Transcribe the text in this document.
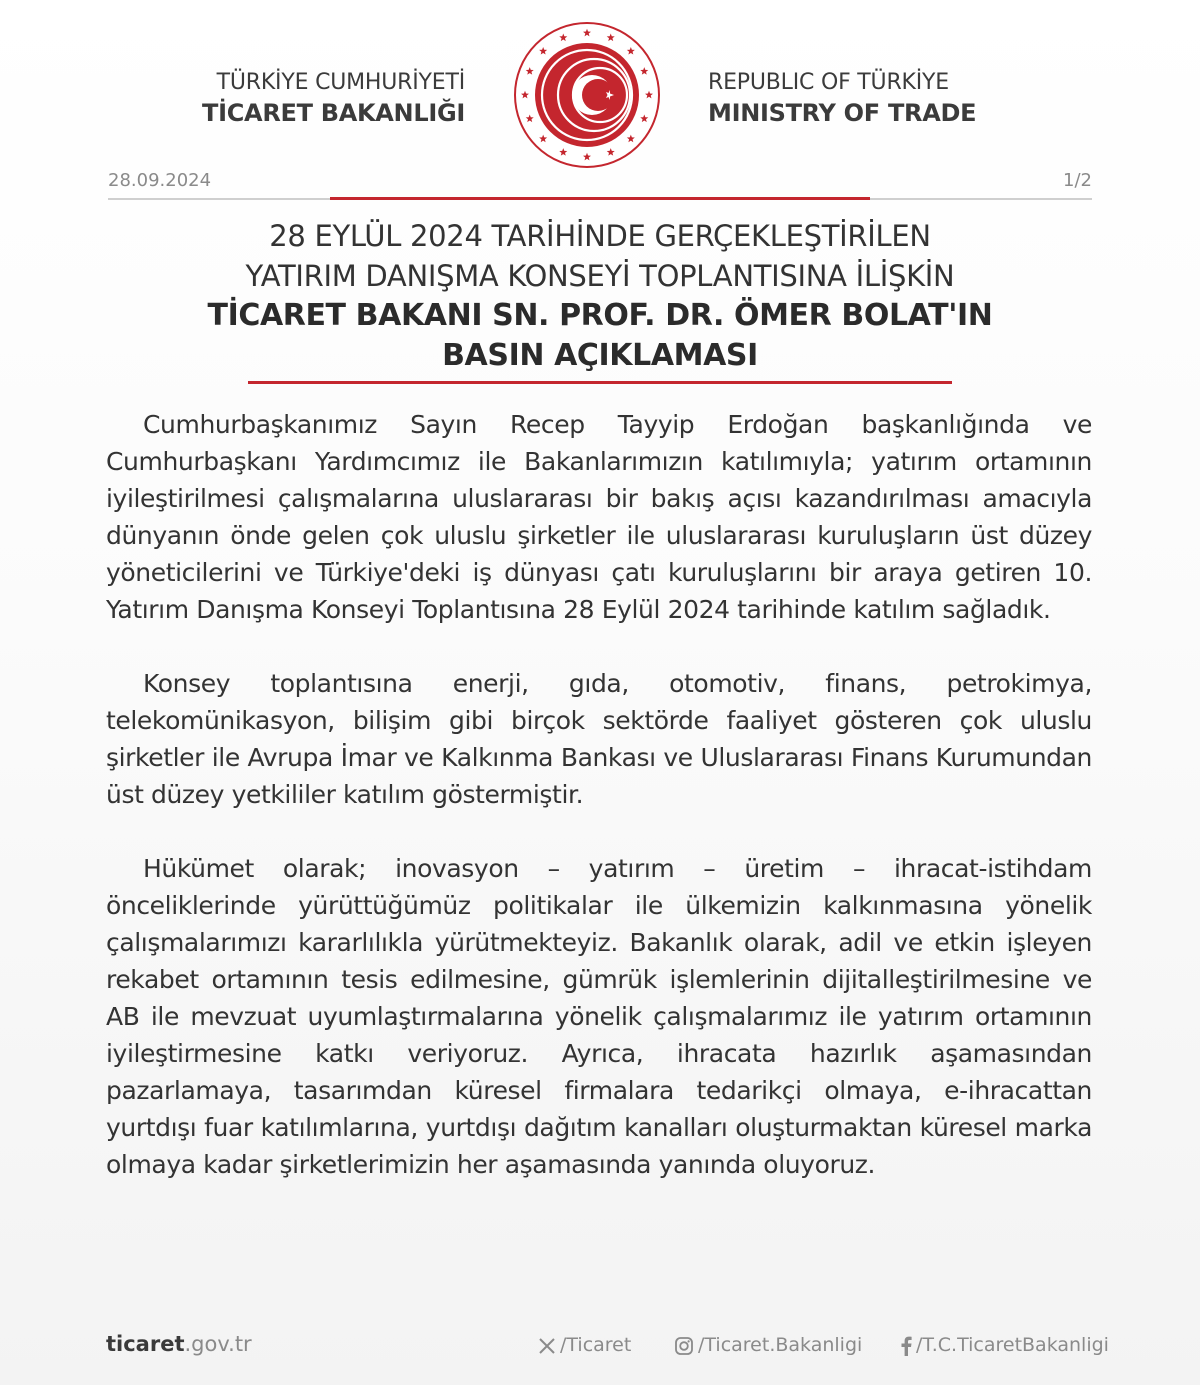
TÜRKİYE CUMHURİYETİ
TİCARET BAKANLIĞI
REPUBLIC OF TÜRKİYE
MINISTRY OF TRADE
28.09.2024	1/2
28 EYLÜL 2024 TARİHİNDE GERÇEKLEŞTİRİLEN
YATIRIM DANIŞMA KONSEYİ TOPLANTISINA İLİŞKİN
TİCARET BAKANI SN. PROF. DR. ÖMER BOLAT'IN
BASIN AÇIKLAMASI

Cumhurbaşkanımız Sayın Recep Tayyip Erdoğan başkanlığında ve Cumhurbaşkanı Yardımcımız ile Bakanlarımızın katılımıyla; yatırım ortamının iyileştirilmesi çalışmalarına uluslararası bir bakış açısı kazandırılması amacıyla dünyanın önde gelen çok uluslu şirketler ile uluslararası kuruluşların üst düzey yöneticilerini ve Türkiye'deki iş dünyası çatı kuruluşlarını bir araya getiren 10. Yatırım Danışma Konseyi Toplantısına 28 Eylül 2024 tarihinde katılım sağladık.

Konsey toplantısına enerji, gıda, otomotiv, finans, petrokimya, telekomünikasyon, bilişim gibi birçok sektörde faaliyet gösteren çok uluslu şirketler ile Avrupa İmar ve Kalkınma Bankası ve Uluslararası Finans Kurumundan üst düzey yetkililer katılım göstermiştir.

Hükümet olarak; inovasyon – yatırım – üretim – ihracat-istihdam önceliklerinde yürüttüğümüz politikalar ile ülkemizin kalkınmasına yönelik çalışmalarımızı kararlılıkla yürütmekteyiz. Bakanlık olarak, adil ve etkin işleyen rekabet ortamının tesis edilmesine, gümrük işlemlerinin dijitalleştirilmesine ve AB ile mevzuat uyumlaştırmalarına yönelik çalışmalarımız ile yatırım ortamının iyileştirmesine katkı veriyoruz. Ayrıca, ihracata hazırlık aşamasından pazarlamaya, tasarımdan küresel firmalara tedarikçi olmaya, e-ihracattan yurtdışı fuar katılımlarına, yurtdışı dağıtım kanalları oluşturmaktan küresel marka olmaya kadar şirketlerimizin her aşamasında yanında oluyoruz.

ticaret.gov.tr	/Ticaret	/Ticaret.Bakanligi	/T.C.TicaretBakanligi
